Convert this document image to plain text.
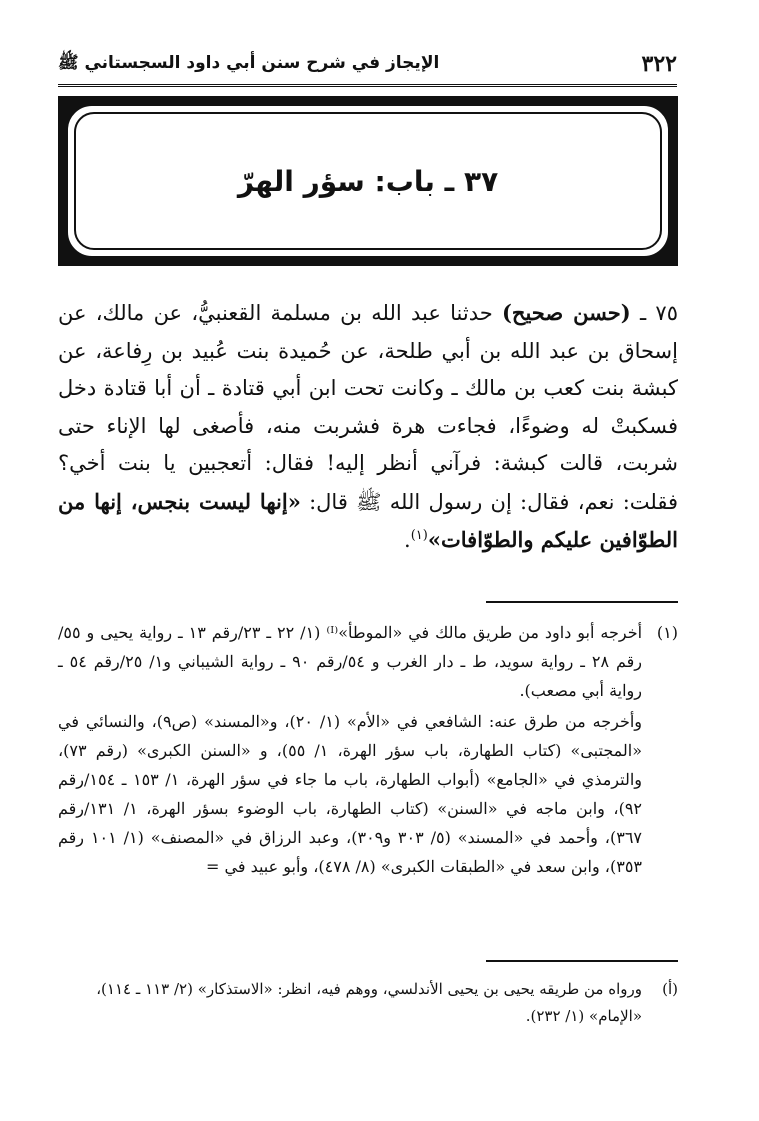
٣٢٢
الإيجاز في شرح سنن أبي داود السجستاني ﷺ
٣٧ ـ باب: سؤر الهرّ

٧٥ ـ (حسن صحيح) حدثنا عبد الله بن مسلمة القعنبيُّ، عن مالك، عن إسحاق بن عبد الله بن أبي طلحة، عن حُميدة بنت عُبيد بن رِفاعة، عن كبشة بنت كعب بن مالك ـ وكانت تحت ابن أبي قتادة ـ أن أبا قتادة دخل فسكبتْ له وضوءًا، فجاءت هرة فشربت منه، فأصغى لها الإناء حتى شربت، قالت كبشة: فرآني أنظر إليه! فقال: أتعجبين يا بنت أخي؟ فقلت: نعم، فقال: إن رسول الله ﷺ قال: «إنها ليست بنجس، إنها من الطوّافين عليكم والطوّافات»$^{(١)}$.

(١)

أخرجه أبو داود من طريق مالك في «الموطأ»⁽ᴵ⁾ (١/ ٢٢ ـ ٢٣/رقم ١٣ ـ رواية يحيى و ٥٥/رقم ٢٨ ـ رواية سويد، ط ـ دار الغرب و ٥٤/رقم ٩٠ ـ رواية الشيباني و١/ ٢٥/رقم ٥٤ ـ رواية أبي مصعب).

وأخرجه من طرق عنه: الشافعي في «الأم» (١/ ٢٠)، و«المسند» (ص٩)، والنسائي في «المجتبى» (كتاب الطهارة، باب سؤر الهرة، ١/ ٥٥)، و «السنن الكبرى» (رقم ٧٣)، والترمذي في «الجامع» (أبواب الطهارة، باب ما جاء في سؤر الهرة، ١/ ١٥٣ ـ ١٥٤/رقم ٩٢)، وابن ماجه في «السنن» (كتاب الطهارة، باب الوضوء بسؤر الهرة، ١/ ١٣١/رقم ٣٦٧)، وأحمد في «المسند» (٥/ ٣٠٣ و٣٠٩)، وعبد الرزاق في «المصنف» (١/ ١٠١ رقم ٣٥٣)، وابن سعد في «الطبقات الكبرى» (٨/ ٤٧٨)، وأبو عبيد في =

(أ)
ورواه من طريقه يحيى بن يحيى الأندلسي، ووهم فيه، انظر: «الاستذكار» (٢/ ١١٣ ـ ١١٤)، «الإمام» (١/ ٢٣٢).
